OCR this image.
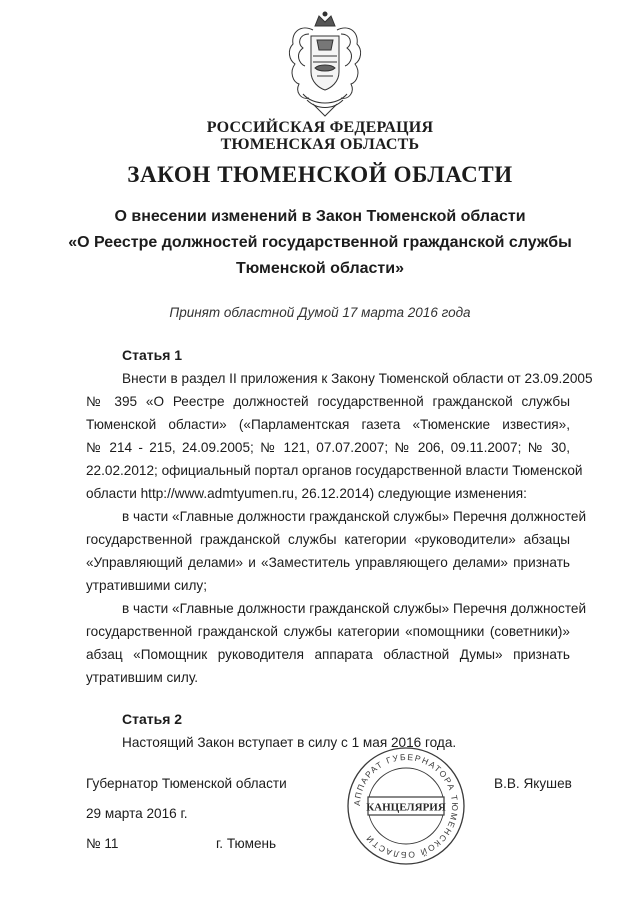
РОССИЙСКАЯ ФЕДЕРАЦИЯ
ТЮМЕНСКАЯ ОБЛАСТЬ
ЗАКОН ТЮМЕНСКОЙ ОБЛАСТИ
О внесении изменений в Закон Тюменской области
«О Реестре должностей государственной гражданской службы
Тюменской области»
Принят областной Думой 17 марта 2016 года
Статья 1
Внести в раздел II приложения к Закону Тюменской области от 23.09.2005
№ 395 «О Реестре должностей государственной гражданской службы
Тюменской области» («Парламентская газета «Тюменские известия»,
№ 214 - 215, 24.09.2005; № 121, 07.07.2007; № 206, 09.11.2007; № 30,
22.02.2012; официальный портал органов государственной власти Тюменской
области http://www.admtyumen.ru, 26.12.2014) следующие изменения:
в части «Главные должности гражданской службы» Перечня должностей
государственной гражданской службы категории «руководители» абзацы
«Управляющий делами» и «Заместитель управляющего делами» признать
утратившими силу;
в части «Главные должности гражданской службы» Перечня должностей
государственной гражданской службы категории «помощники (советники)»
абзац «Помощник руководителя аппарата областной Думы» признать
утратившим силу.
Статья 2
Настоящий Закон вступает в силу с 1 мая 2016 года.
Губернатор Тюменской области	В.В. Якушев
29 марта 2016 г.
№ 11	г. Тюмень
АППАРАТ ГУБЕРНАТОРА ТЮМЕНСКОЙ ОБЛАСТИ
КАНЦЕЛЯРИЯ
